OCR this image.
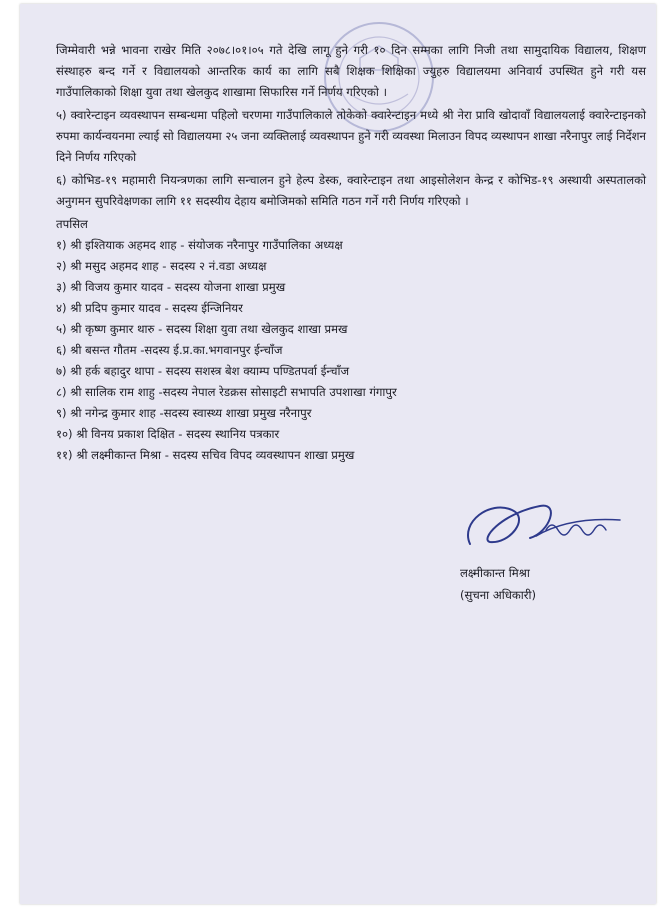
जिम्मेवारी भन्ने भावना राखेर मिति २०७८।०१।०५ गते देखि लागू हुने गरी १० दिन सम्मका लागि निजी तथा सामुदायिक विद्यालय, शिक्षण संस्थाहरु बन्द गर्ने र विद्यालयको आन्तरिक कार्य का लागि सबै शिक्षक शिक्षिका ज्युहरु विद्यालयमा अनिवार्य उपस्थित हुने गरी यस गाउँपालिकाको शिक्षा युवा तथा खेलकुद शाखामा सिफारिस गर्ने निर्णय गरिएको ।

५) क्वारेन्टाइन व्यवस्थापन सम्बन्धमा पहिलो चरणमा गाउँपालिकाले तोकेको क्वारेन्टाइन मध्ये श्री नेरा प्रावि खोदावाँ विद्यालयलाई क्वारेन्टाइनको रुपमा कार्यन्वयनमा ल्याई सो विद्यालयमा २५ जना व्यक्तिलाई व्यवस्थापन हुने गरी व्यवस्था मिलाउन विपद व्यस्थापन शाखा नरैनापुर लाई निर्देशन दिने निर्णय गरिएको

६) कोभिड-१९ महामारी नियन्त्रणका लागि सन्चालन हुने हेल्प डेस्क, क्वारेन्टाइन तथा आइसोलेशन केन्द्र र कोभिड-१९ अस्थायी अस्पतालको अनुगमन सुपरिवेक्षणका लागि ११ सदस्यीय देहाय बमोजिमको समिति गठन गर्ने गरी निर्णय गरिएको ।

तपसिल

१) श्री इश्तियाक अहमद शाह - संयोजक नरैनापुर गाउँपालिका अध्यक्ष
२) श्री मसुद अहमद शाह - सदस्य २ नं.वडा अध्यक्ष
३) श्री विजय कुमार यादव - सदस्य योजना शाखा प्रमुख
४) श्री प्रदिप कुमार यादव - सदस्य ईन्जिनियर
५) श्री कृष्ण कुमार थारु - सदस्य शिक्षा युवा तथा खेलकुद शाखा प्रमख
६) श्री बसन्त गौतम -सदस्य ई.प्र.का.भगवानपुर ईन्चाँज
७) श्री हर्क बहादुर थापा - सदस्य सशस्त्र बेश क्याम्प पण्डितपर्वा ईन्चाँज
८) श्री सालिक राम शाहु -सदस्य नेपाल रेडक्रस सोसाइटी सभापति उपशाखा गंगापुर
९) श्री नगेन्द्र कुमार शाह -सदस्य स्वास्थ्य शाखा प्रमुख नरैनापुर
१०) श्री विनय प्रकाश दिक्षित - सदस्य स्थानिय पत्रकार
११) श्री लक्ष्मीकान्त मिश्रा - सदस्य सचिव विपद व्यवस्थापन शाखा प्रमुख
लक्ष्मीकान्त मिश्रा
(सुचना अधिकारी)
